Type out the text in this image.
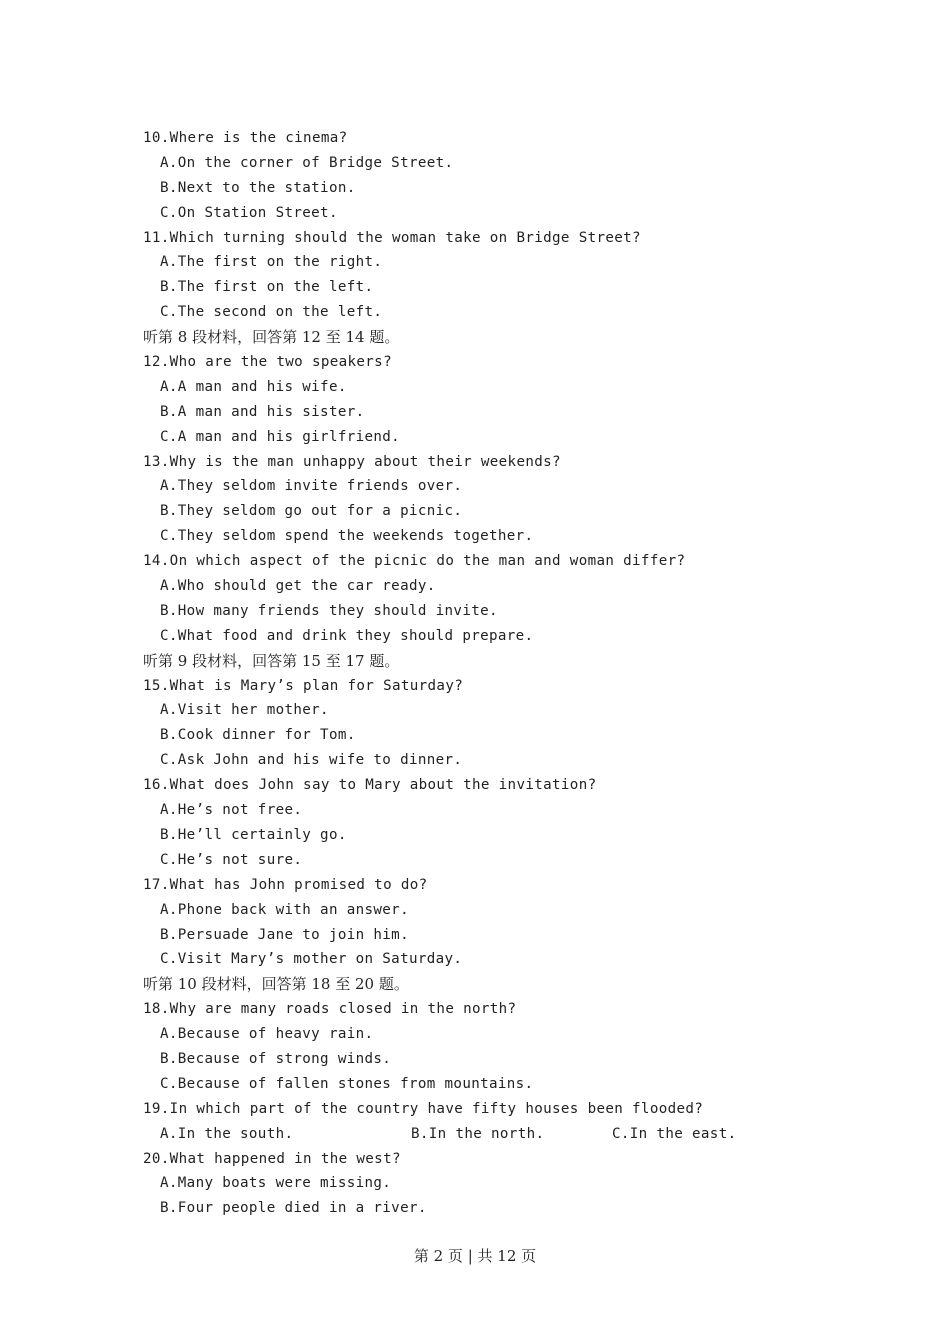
10.Where is the cinema?
A.On the corner of Bridge Street.
B.Next to the station.
C.On Station Street.
11.Which turning should the woman take on Bridge Street?
A.The first on the right.
B.The first on the left.
C.The second on the left.
听第 8 段材料，回答第 12 至 14 题。
12.Who are the two speakers?
A.A man and his wife.
B.A man and his sister.
C.A man and his girlfriend.
13.Why is the man unhappy about their weekends?
A.They seldom invite friends over.
B.They seldom go out for a picnic.
C.They seldom spend the weekends together.
14.On which aspect of the picnic do the man and woman differ?
A.Who should get the car ready.
B.How many friends they should invite.
C.What food and drink they should prepare.
听第 9 段材料，回答第 15 至 17 题。
15.What is Mary’s plan for Saturday?
A.Visit her mother.
B.Cook dinner for Tom.
C.Ask John and his wife to dinner.
16.What does John say to Mary about the invitation?
A.He’s not free.
B.He’ll certainly go.
C.He’s not sure.
17.What has John promised to do?
A.Phone back with an answer.
B.Persuade Jane to join him.
C.Visit Mary’s mother on Saturday.
听第 10 段材料，回答第 18 至 20 题。
18.Why are many roads closed in the north?
A.Because of heavy rain.
B.Because of strong winds.
C.Because of fallen stones from mountains.
19.In which part of the country have fifty houses been flooded?

A.In the south.

	B.In the north.

	C.In the east.

20.What happened in the west?
A.Many boats were missing.
B.Four people died in a river.
第 2 页 | 共 12 页
